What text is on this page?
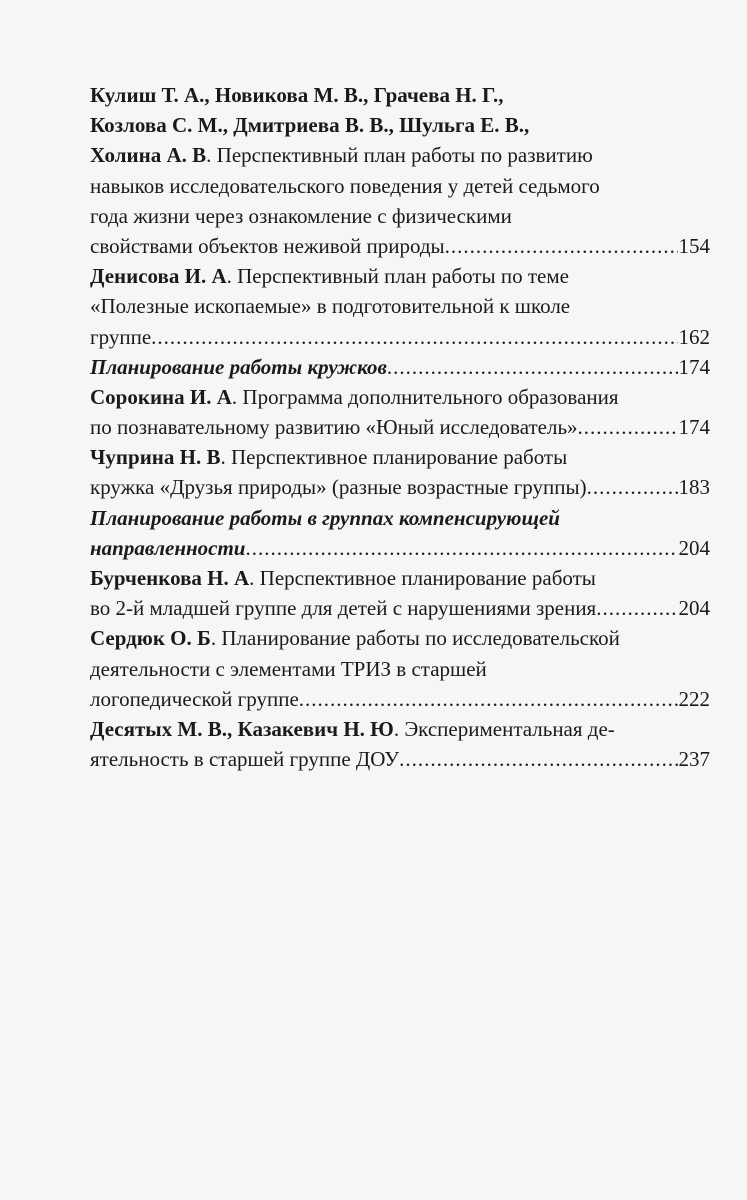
Кулиш Т. А., Новикова М. В., Грачева Н. Г.,
Козлова С. М., Дмитриева В. В., Шульга Е. В.,
Холина А. В. Перспективный план работы по развитию
навыков исследовательского поведения у детей седьмого
года жизни через ознакомление с физическими
свойствами объектов неживой природы .....	154
Денисова И. А. Перспективный план работы по теме
«Полезные ископаемые» в подготовительной к школе
группе .....	162
Планирование работы кружков .....	174
Сорокина И. А. Программа дополнительного образования
по познавательному развитию «Юный исследователь» .....	174
Чуприна Н. В. Перспективное планирование работы
кружка «Друзья природы» (разные возрастные группы) .....	183
Планирование работы в группах компенсирующей
направленности .....	204
Бурченкова Н. А. Перспективное планирование работы
во 2-й младшей группе для детей с нарушениями зрения .....	204
Сердюк О. Б. Планирование работы по исследовательской
деятельности с элементами ТРИЗ в старшей
логопедической группе .....	222
Десятых М. В., Казакевич Н. Ю. Экспериментальная де-
ятельность в старшей группе ДОУ .....	237
